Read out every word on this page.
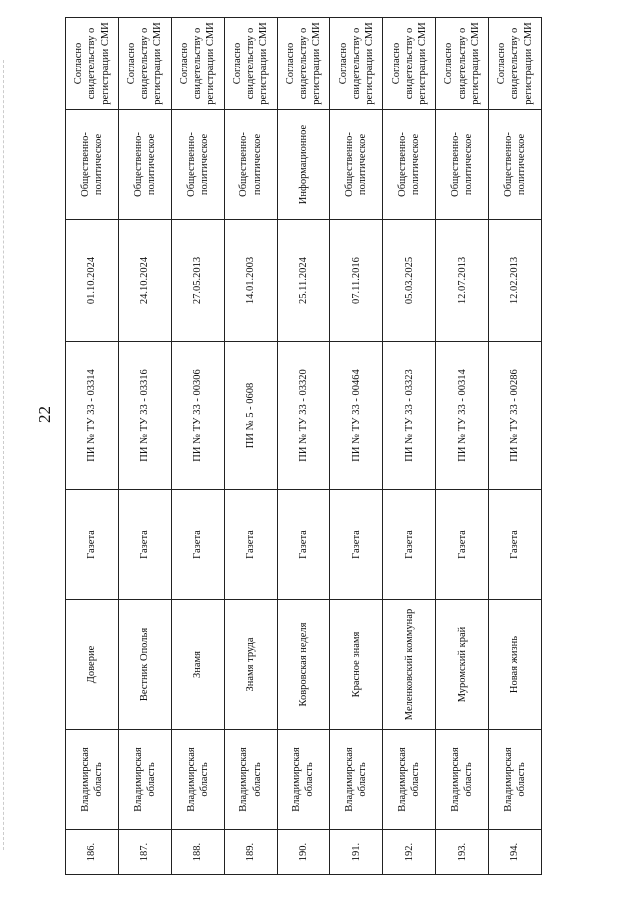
22
186.	Владимирская область	Доверие	Газета	ПИ № ТУ 33 - 03314	01.10.2024	Общественно-политическое	Согласно свидетельству о регистрации СМИ
187.	Владимирская область	Вестник Ополья	Газета	ПИ № ТУ 33 - 03316	24.10.2024	Общественно-политическое	Согласно свидетельству о регистрации СМИ
188.	Владимирская область	Знамя	Газета	ПИ № ТУ 33 - 00306	27.05.2013	Общественно-политическое	Согласно свидетельству о регистрации СМИ
189.	Владимирская область	Знамя труда	Газета	ПИ № 5 - 0608	14.01.2003	Общественно-политическое	Согласно свидетельству о регистрации СМИ
190.	Владимирская область	Ковровская неделя	Газета	ПИ № ТУ 33 - 03320	25.11.2024	Информационное	Согласно свидетельству о регистрации СМИ
191.	Владимирская область	Красное знамя	Газета	ПИ № ТУ 33 - 00464	07.11.2016	Общественно-политическое	Согласно свидетельству о регистрации СМИ
192.	Владимирская область	Меленковский коммунар	Газета	ПИ № ТУ 33 - 03323	05.03.2025	Общественно-политическое	Согласно свидетельству о регистрации СМИ
193.	Владимирская область	Муромский край	Газета	ПИ № ТУ 33 - 00314	12.07.2013	Общественно-политическое	Согласно свидетельству о регистрации СМИ
194.	Владимирская область	Новая жизнь	Газета	ПИ № ТУ 33 - 00286	12.02.2013	Общественно-политическое	Согласно свидетельству о регистрации СМИ
